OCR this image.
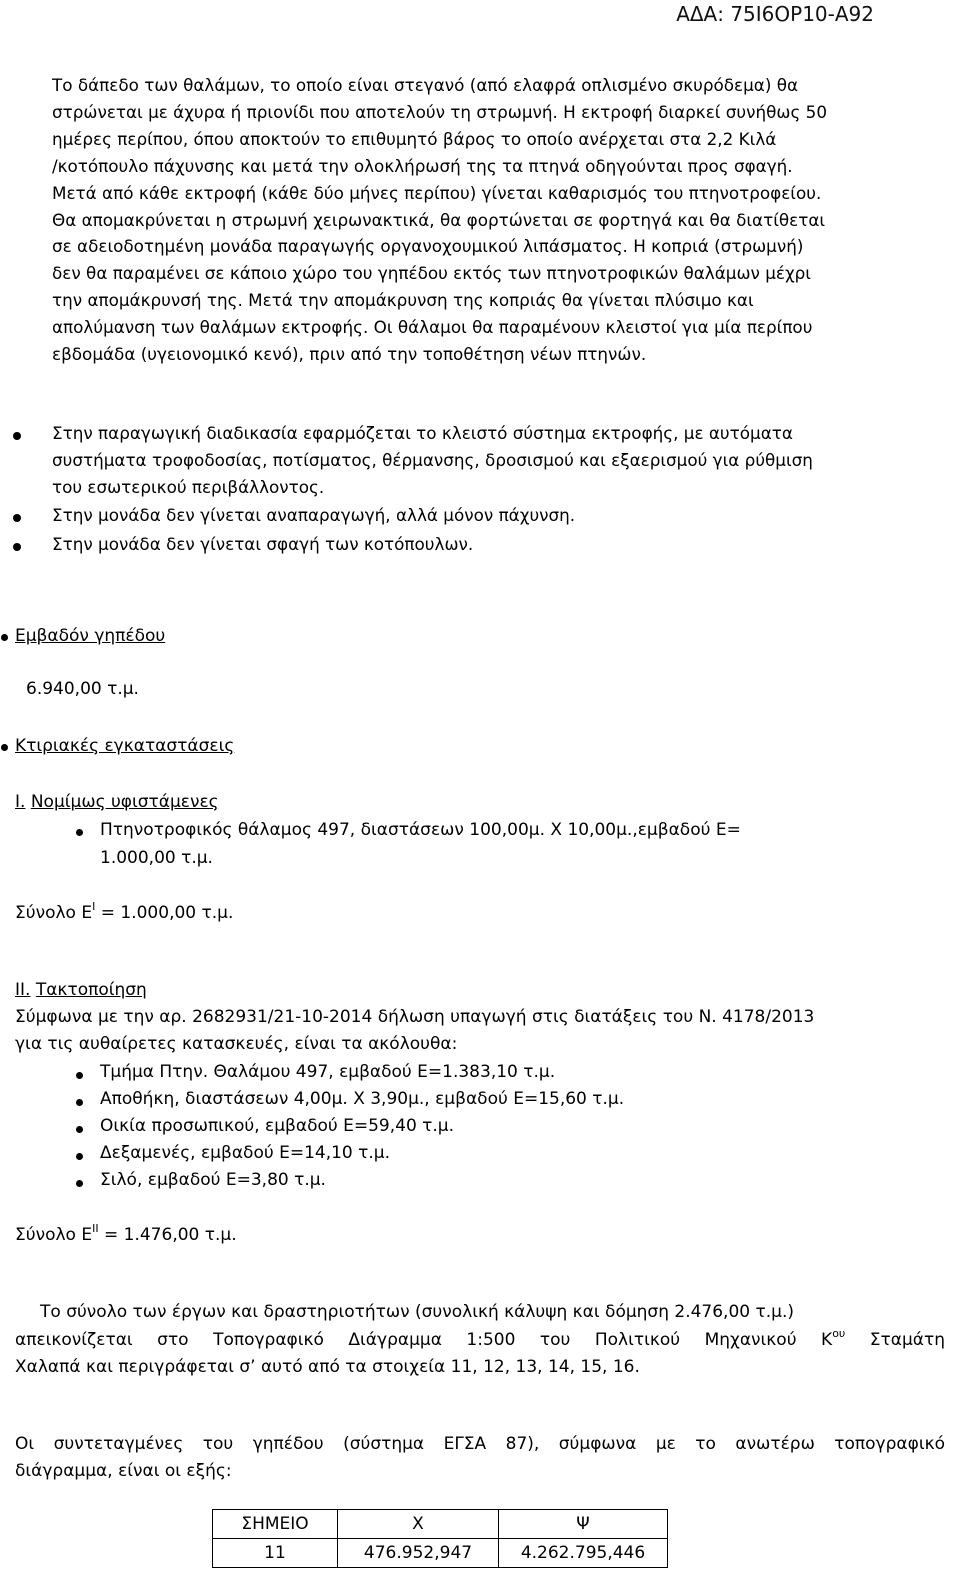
ΑΔΑ: 75Ι6ΟΡ10-Α92
Το δάπεδο των θαλάμων, το οποίο είναι στεγανό (από ελαφρά οπλισμένο σκυρόδεμα) θα
στρώνεται με άχυρα ή πριονίδι που αποτελούν τη στρωμνή. Η εκτροφή διαρκεί συνήθως 50
ημέρες περίπου, όπου αποκτούν το επιθυμητό βάρος το οποίο ανέρχεται στα 2,2 Κιλά
/κοτόπουλο πάχυνσης και μετά την ολοκλήρωσή της τα πτηνά οδηγούνται προς σφαγή.
Μετά από κάθε εκτροφή (κάθε δύο μήνες περίπου) γίνεται καθαρισμός του πτηνοτροφείου.
Θα απομακρύνεται η στρωμνή χειρωνακτικά, θα φορτώνεται σε φορτηγά και θα διατίθεται
σε αδειοδοτημένη μονάδα παραγωγής οργανοχουμικού λιπάσματος. Η κοπριά (στρωμνή)
δεν θα παραμένει σε κάποιο χώρο του γηπέδου εκτός των πτηνοτροφικών θαλάμων μέχρι
την απομάκρυνσή της. Μετά την απομάκρυνση της κοπριάς θα γίνεται πλύσιμο και
απολύμανση των θαλάμων εκτροφής. Οι θάλαμοι θα παραμένουν κλειστοί για μία περίπου
εβδομάδα (υγειονομικό κενό), πριν από την τοποθέτηση νέων πτηνών.
Στην παραγωγική διαδικασία εφαρμόζεται το κλειστό σύστημα εκτροφής, με αυτόματα
συστήματα τροφοδοσίας, ποτίσματος, θέρμανσης, δροσισμού και εξαερισμού για ρύθμιση
του εσωτερικού περιβάλλοντος.
Στην μονάδα δεν γίνεται αναπαραγωγή, αλλά μόνον πάχυνση.
Στην μονάδα δεν γίνεται σφαγή των κοτόπουλων.
Εμβαδόν γηπέδου
6.940,00 τ.μ.
Κτιριακές εγκαταστάσεις
Ι. Νομίμως υφιστάμενες
Πτηνοτροφικός θάλαμος 497, διαστάσεων 100,00μ. Χ 10,00μ.,εμβαδού Ε=
1.000,00 τ.μ.
Σύνολο $E^I = 1.000,00$ τ.μ.
ΙΙ. Τακτοποίηση
Σύμφωνα με την αρ. 2682931/21-10-2014 δήλωση υπαγωγή στις διατάξεις του Ν. 4178/2013
για τις αυθαίρετες κατασκευές, είναι τα ακόλουθα:
Τμήμα Πτην. Θαλάμου 497, εμβαδού Ε=1.383,10 τ.μ.
Αποθήκη, διαστάσεων 4,00μ. Χ 3,90μ., εμβαδού Ε=15,60 τ.μ.
Οικία προσωπικού, εμβαδού Ε=59,40 τ.μ.
Δεξαμενές, εμβαδού Ε=14,10 τ.μ.
Σιλό, εμβαδού Ε=3,80 τ.μ.
Σύνολο $E^{II} = 1.476,00$ τ.μ.
Το σύνολο των έργων και δραστηριοτήτων (συνολική κάλυψη και δόμηση 2.476,00 τ.μ.)
απεικονίζεται στο Τοπογραφικό Διάγραμμα 1:500 του Πολιτικού Μηχανικού $K^{o\upsilon}$ Σταμάτη
Χαλαπά και περιγράφεται σ’ αυτό από τα στοιχεία 11, 12, 13, 14, 15, 16.
Οι συντεταγμένες του γηπέδου (σύστημα ΕΓΣΑ 87), σύμφωνα με το ανωτέρω τοπογραφικό
διάγραμμα, είναι οι εξής:
ΣΗΜΕΙΟ	Χ	Ψ
11	476.952,947	4.262.795,446
